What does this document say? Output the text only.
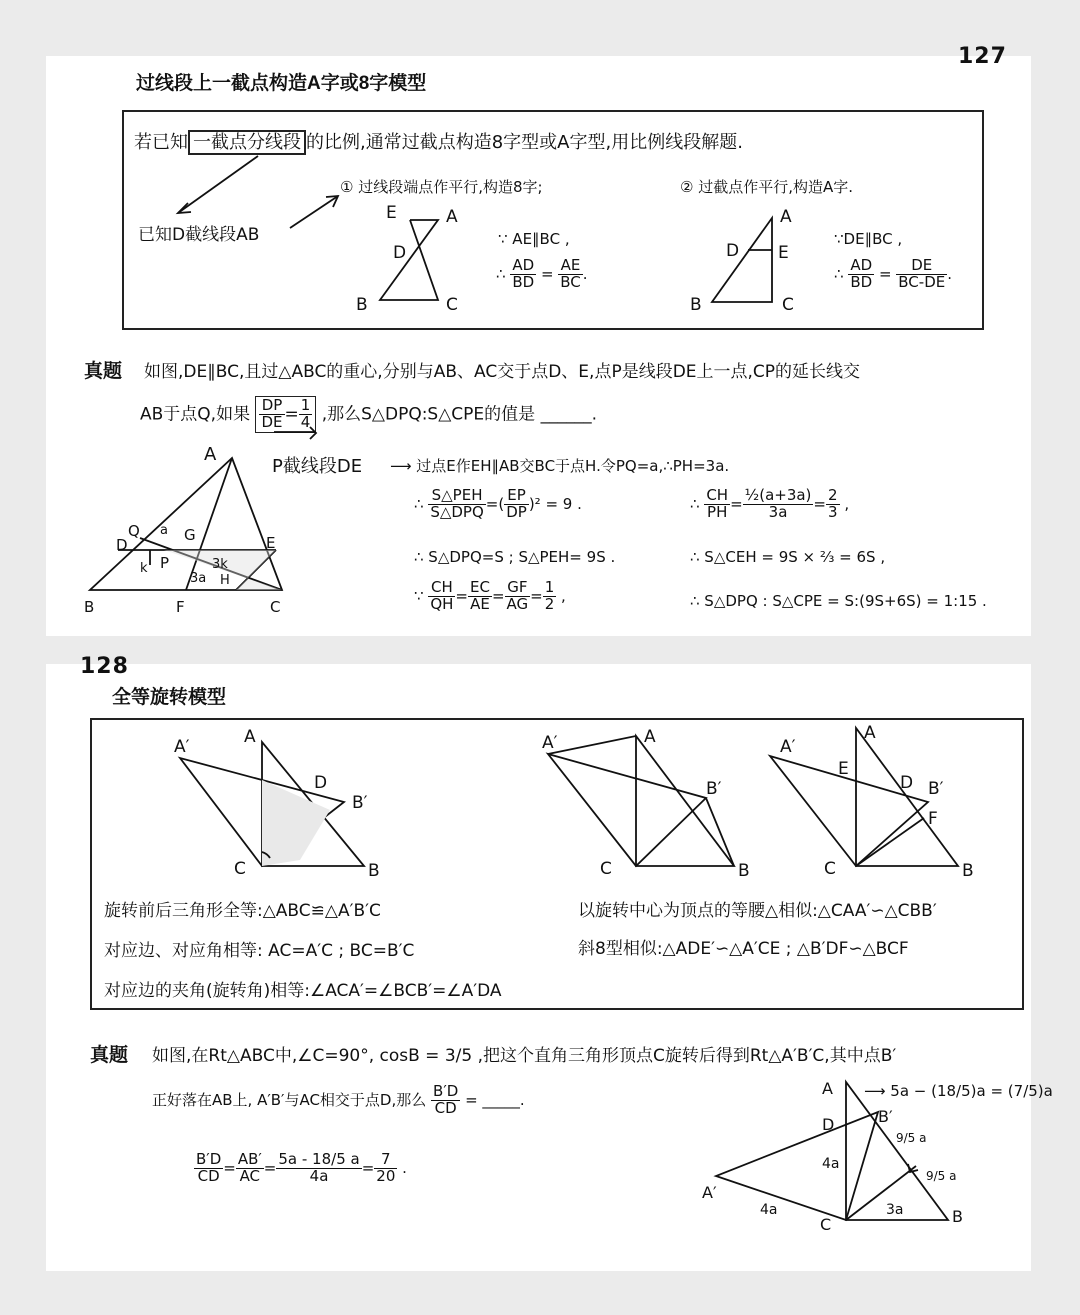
过线段上一截点构造A字或8字模型
若已知 一截点分线段 的比例,通常过截点构造8字型或A字型,用比例线段解题.
已知D截线段AB
① 过线段端点作平行,构造8字;	② 过截点作平行,构造A字.
∵ AE∥BC ,
∴ $\frac{AD}{BD} = \frac{AE}{BC}$ .
∵DE∥BC ,
∴ $\frac{AD}{BD} = \frac{DE}{BC-DE}$ .
E	A
D
B	C
A
D E
B	C
真题 如图,DE∥BC,且过△ABC的重心,分别与AB、AC交于点D、E,点P是线段DE上一点,CP的延长线交
AB于点Q,如果 $\frac{DP}{DE} = \frac{1}{4}$ ,那么S△DPQ:S△CPE的值是 ______.
P截线段DE ⟶ 过点E作EH∥AB交BC于点H.令PQ=a,∴PH=3a.
∴ $\frac{\text{S△PEH}}{\text{S△DPQ}}$ =( $\frac{EP}{DP} )^2 = 9$ .
∴ S△DPQ=S ; S△PEH= 9S .
∵ $\frac{CH}{QH} = \frac{EC}{AE} = \frac{GF}{AG} = \frac{1}{2}$ ,
∴ $\frac{CH}{PH} = \frac{\text{½(a+3a)}}{3a} = \frac{2}{3}$ ,
∴ S△CEH = 9S × ⅔ = 6S ,
∴ S△DPQ : S△CPE = S:(9S+6S) = 1:15 .
A
Q a G
D	E
k P	3k
3a H
B	F	C
全等旋转模型
旋转前后三角形全等:△ABC≌△A′B′C
对应边、对应角相等: AC=A′C ; BC=B′C
对应边的夹角(旋转角)相等:∠ACA′=∠BCB′=∠A′DA
以旋转中心为顶点的等腰△相似:△CAA′∽△CBB′
斜8型相似:△ADE′∽△A′CE ; △B′DF∽△BCF
A′	A
D
B′
C	B
A′	A
B′
C	B
A′
A
E
D B′
F
C	B
真题 如图,在Rt△ABC中,∠C=90°, cosB = 3/5 ,把这个直角三角形顶点C旋转后得到Rt△A′B′C,其中点B′
正好落在AB上, A′B′与AC相交于点D,那么 $\frac{B'D}{CD}$ = _____.
$\frac{B'D}{CD} = \frac{AB'}{AC} = \frac{5a - 18/5 a}{4a} = \frac{7}{20}$ .
⟶ 5a − (18/5)a = (7/5)a
A
D	B′
A′
C	B
4a
4a
3a
9/5 a
9/5 a
